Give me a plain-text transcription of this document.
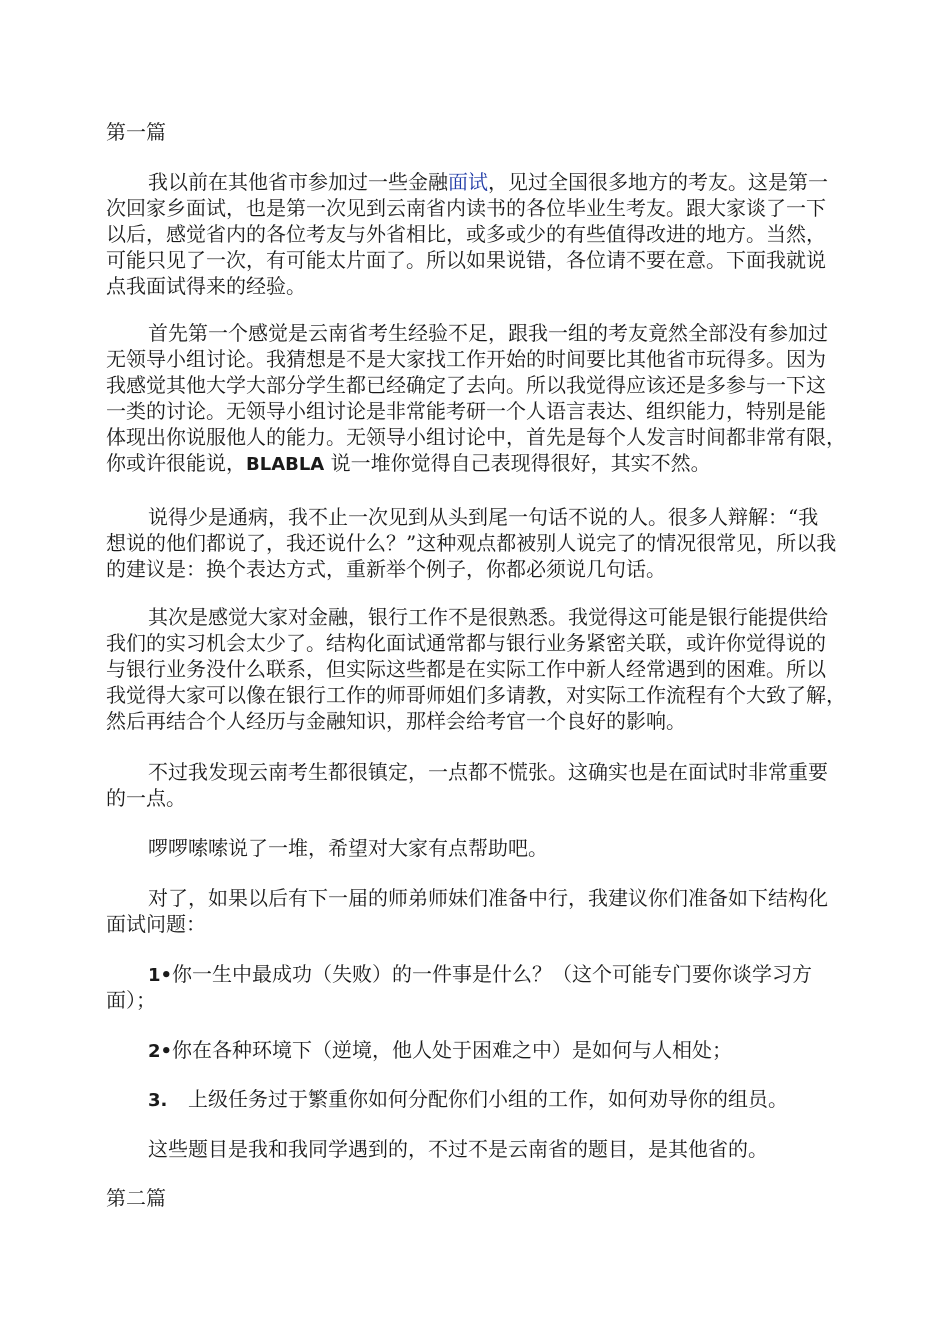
第一篇
我以前在其他省市参加过一些金融面试，见过全国很多地方的考友。这是第一
次回家乡面试，也是第一次见到云南省内读书的各位毕业生考友。跟大家谈了一下
以后，感觉省内的各位考友与外省相比，或多或少的有些值得改进的地方。当然，
可能只见了一次，有可能太片面了。所以如果说错，各位请不要在意。下面我就说
点我面试得来的经验。
首先第一个感觉是云南省考生经验不足，跟我一组的考友竟然全部没有参加过
无领导小组讨论。我猜想是不是大家找工作开始的时间要比其他省市玩得多。因为
我感觉其他大学大部分学生都已经确定了去向。所以我觉得应该还是多参与一下这
一类的讨论。无领导小组讨论是非常能考研一个人语言表达、组织能力，特别是能
体现出你说服他人的能力。无领导小组讨论中，首先是每个人发言时间都非常有限，
你或许很能说，BLABLA 说一堆你觉得自己表现得很好，其实不然。
说得少是通病，我不止一次见到从头到尾一句话不说的人。很多人辩解：“我
想说的他们都说了，我还说什么？”这种观点都被别人说完了的情况很常见，所以我
的建议是：换个表达方式，重新举个例子，你都必须说几句话。
其次是感觉大家对金融，银行工作不是很熟悉。我觉得这可能是银行能提供给
我们的实习机会太少了。结构化面试通常都与银行业务紧密关联，或许你觉得说的
与银行业务没什么联系，但实际这些都是在实际工作中新人经常遇到的困难。所以
我觉得大家可以像在银行工作的师哥师姐们多请教，对实际工作流程有个大致了解，
然后再结合个人经历与金融知识，那样会给考官一个良好的影响。
不过我发现云南考生都很镇定，一点都不慌张。这确实也是在面试时非常重要
的一点。
啰啰嗦嗦说了一堆，希望对大家有点帮助吧。
对了，如果以后有下一届的师弟师妹们准备中行，我建议你们准备如下结构化
面试问题：
1•你一生中最成功（失败）的一件事是什么？（这个可能专门要你谈学习方
面）；
2•你在各种环境下（逆境，他人处于困难之中）是如何与人相处；
3. 上级任务过于繁重你如何分配你们小组的工作，如何劝导你的组员。
这些题目是我和我同学遇到的，不过不是云南省的题目，是其他省的。
第二篇
